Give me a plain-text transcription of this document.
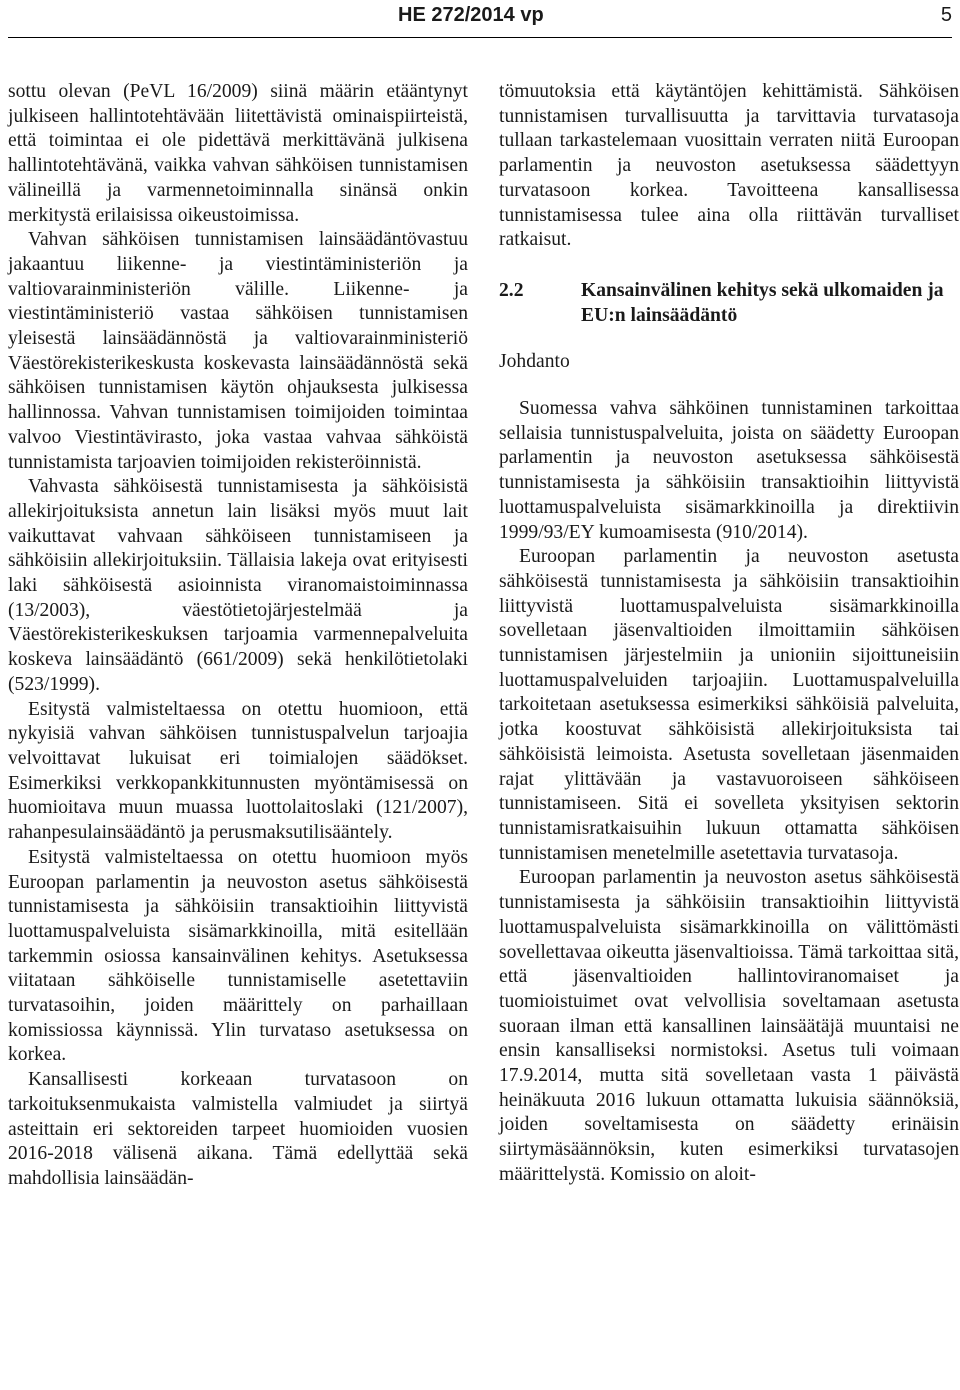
HE 272/2014 vp	5

sottu olevan (PeVL 16/2009) siinä määrin etääntynyt julkiseen hallintotehtävään liitettävistä ominaispiirteistä, että toimintaa ei ole pidettävä merkittävänä julkisena hallintotehtävänä, vaikka vahvan sähköisen tunnistamisen välineillä ja varmennetoiminnalla sinänsä onkin merkitystä erilaisissa oikeustoimissa.

Vahvan sähköisen tunnistamisen lainsäädäntövastuu jakaantuu liikenne- ja viestintäministeriön ja valtiovarainministeriön välille. Liikenne- ja viestintäministeriö vastaa sähköisen tunnistamisen yleisestä lainsäädännöstä ja valtiovarainministeriö Väestörekisterikeskusta koskevasta lainsäädännöstä sekä sähköisen tunnistamisen käytön ohjauksesta julkisessa hallinnossa. Vahvan tunnistamisen toimijoiden toimintaa valvoo Viestintävirasto, joka vastaa vahvaa sähköistä tunnistamista tarjoavien toimijoiden rekisteröinnistä.

Vahvasta sähköisestä tunnistamisesta ja sähköisistä allekirjoituksista annetun lain lisäksi myös muut lait vaikuttavat vahvaan sähköiseen tunnistamiseen ja sähköisiin allekirjoituksiin. Tällaisia lakeja ovat erityisesti laki sähköisestä asioinnista viranomaistoiminnassa (13/2003), väestötietojärjestelmää ja Väestörekisterikeskuksen tarjoamia varmennepalveluita koskeva lainsäädäntö (661/2009) sekä henkilötietolaki (523/1999).

Esitystä valmisteltaessa on otettu huomioon, että nykyisiä vahvan sähköisen tunnistuspalvelun tarjoajia velvoittavat lukuisat eri toimialojen säädökset. Esimerkiksi verkkopankkitunnusten myöntämisessä on huomioitava muun muassa luottolaitoslaki (121/2007), rahanpesulainsäädäntö ja perusmaksutilisääntely.

Esitystä valmisteltaessa on otettu huomioon myös Euroopan parlamentin ja neuvoston asetus sähköisestä tunnistamisesta ja sähköisiin transaktioihin liittyvistä luottamuspalveluista sisämarkkinoilla, mitä esitellään tarkemmin osiossa kansainvälinen kehitys. Asetuksessa viitataan sähköiselle tunnistamiselle asetettaviin turvatasoihin, joiden määrittely on parhaillaan komissiossa käynnissä. Ylin turvataso asetuksessa on korkea.

Kansallisesti korkeaan turvatasoon on tarkoituksenmukaista valmistella valmiudet ja siirtyä asteittain eri sektoreiden tarpeet huomioiden vuosien 2016-2018 välisenä aikana. Tämä edellyttää sekä mahdollisia lainsäädän-

tömuutoksia että käytäntöjen kehittämistä. Sähköisen tunnistamisen turvallisuutta ja tarvittavia turvatasoja tullaan tarkastelemaan vuosittain verraten niitä Euroopan parlamentin ja neuvoston asetuksessa säädettyyn turvatasoon korkea. Tavoitteena kansallisessa tunnistamisessa tulee aina olla riittävän turvalliset ratkaisut.

2.2	Kansainvälinen kehitys sekä ulkomaiden ja EU:n lainsäädäntö
Johdanto

Suomessa vahva sähköinen tunnistaminen tarkoittaa sellaisia tunnistuspalveluita, joista on säädetty Euroopan parlamentin ja neuvoston asetuksessa sähköisestä tunnistamisesta ja sähköisiin transaktioihin liittyvistä luottamuspalveluista sisämarkkinoilla ja direktiivin 1999/93/EY kumoamisesta (910/2014).

Euroopan parlamentin ja neuvoston asetusta sähköisestä tunnistamisesta ja sähköisiin transaktioihin liittyvistä luottamuspalveluista sisämarkkinoilla sovelletaan jäsenvaltioiden ilmoittamiin sähköisen tunnistamisen järjestelmiin ja unioniin sijoittuneisiin luottamuspalveluiden tarjoajiin. Luottamuspalveluilla tarkoitetaan asetuksessa esimerkiksi sähköisiä palveluita, jotka koostuvat sähköisistä allekirjoituksista tai sähköisistä leimoista. Asetusta sovelletaan jäsenmaiden rajat ylittävään ja vastavuoroiseen sähköiseen tunnistamiseen. Sitä ei sovelleta yksityisen sektorin tunnistamisratkaisuihin lukuun ottamatta sähköisen tunnistamisen menetelmille asetettavia turvatasoja.

Euroopan parlamentin ja neuvoston asetus sähköisestä tunnistamisesta ja sähköisiin transaktioihin liittyvistä luottamuspalveluista sisämarkkinoilla on välittömästi sovellettavaa oikeutta jäsenvaltioissa. Tämä tarkoittaa sitä, että jäsenvaltioiden hallintoviranomaiset ja tuomioistuimet ovat velvollisia soveltamaan asetusta suoraan ilman että kansallinen lainsäätäjä muuntaisi ne ensin kansalliseksi normistoksi. Asetus tuli voimaan 17.9.2014, mutta sitä sovelletaan vasta 1 päivästä heinäkuuta 2016 lukuun ottamatta lukuisia säännöksiä, joiden soveltamisesta on säädetty erinäisin siirtymäsäännöksin, kuten esimerkiksi turvatasojen määrittelystä. Komissio on aloit-
